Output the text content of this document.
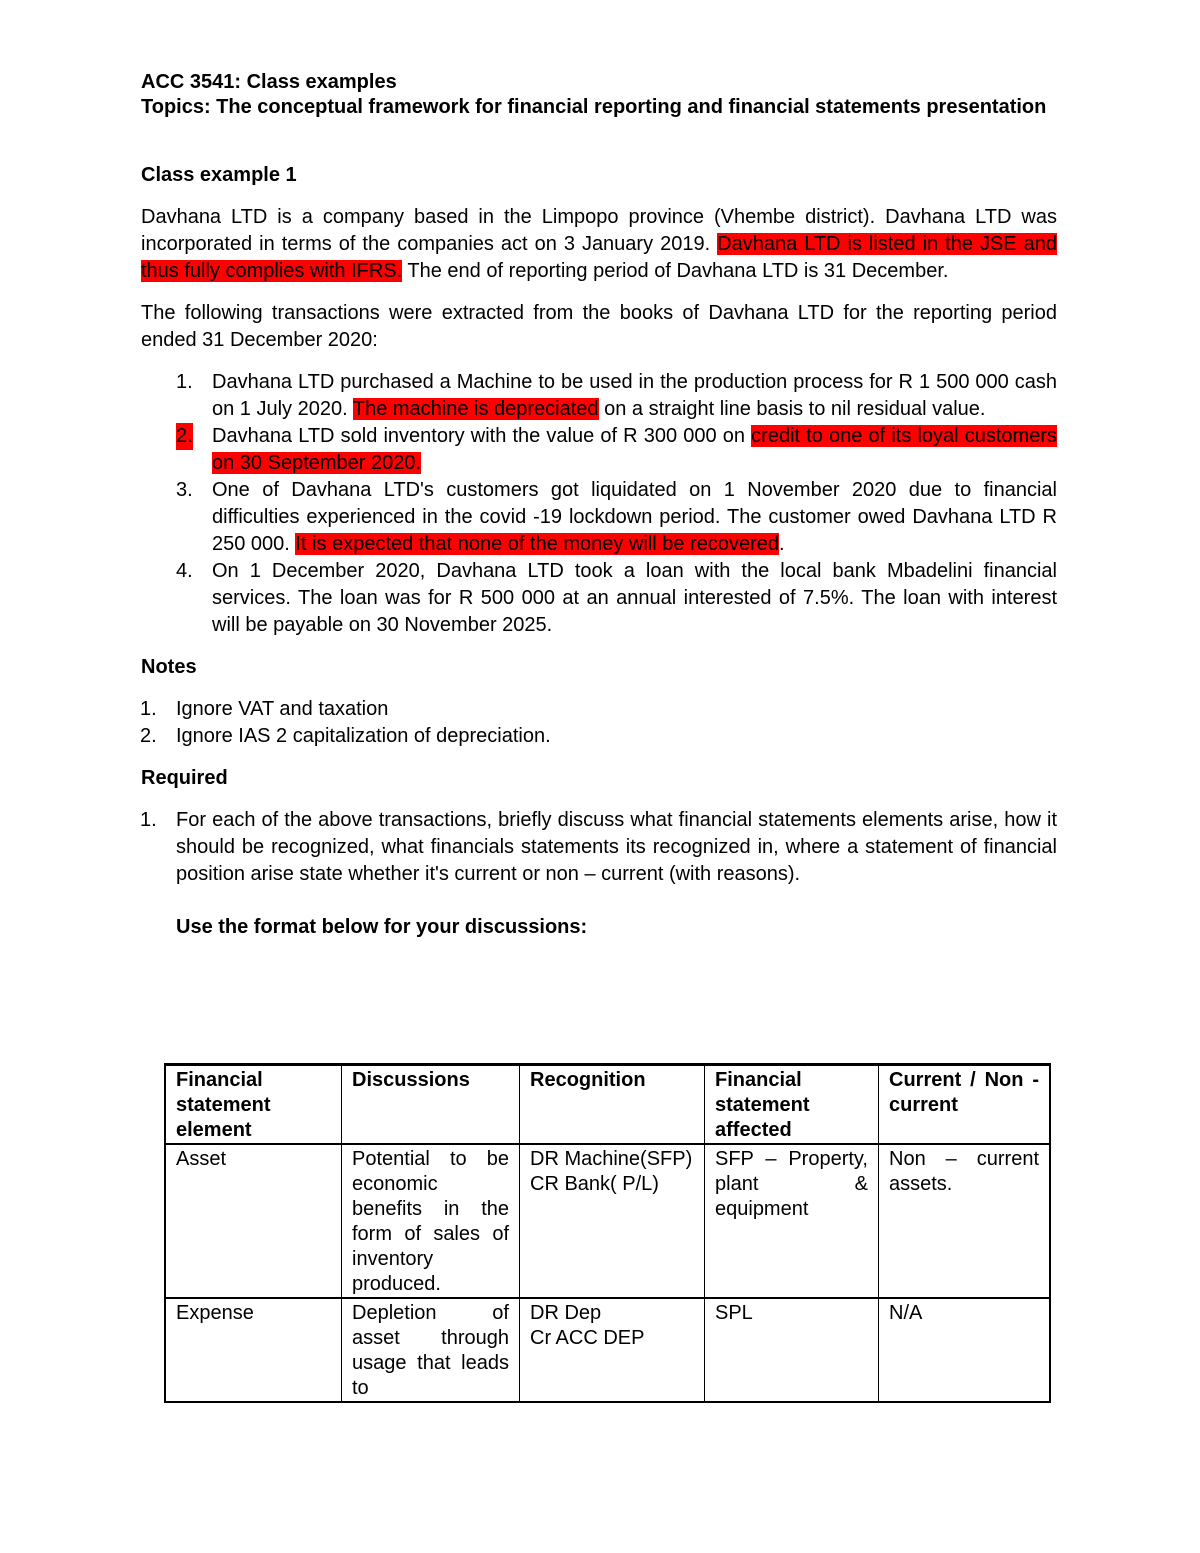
ACC 3541: Class examples

Topics: The conceptual framework for financial reporting and financial statements presentation

Class example 1

Davhana LTD is a company based in the Limpopo province (Vhembe district). Davhana LTD was incorporated in terms of the companies act on 3 January 2019. Davhana LTD is listed in the JSE and thus fully complies with IFRS. The end of reporting period of Davhana LTD is 31 December.

The following transactions were extracted from the books of Davhana LTD for the reporting period ended 31 December 2020:

1. Davhana LTD purchased a Machine to be used in the production process for R 1 500 000 cash on 1 July 2020. The machine is depreciated on a straight line basis to nil residual value.
2. Davhana LTD sold inventory with the value of R 300 000 on credit to one of its loyal customers on 30 September 2020.
3. One of Davhana LTD's customers got liquidated on 1 November 2020 due to financial difficulties experienced in the covid -19 lockdown period. The customer owed Davhana LTD R 250 000. It is expected that none of the money will be recovered.
4. On 1 December 2020, Davhana LTD took a loan with the local bank Mbadelini financial services. The loan was for R 500 000 at an annual interested of 7.5%. The loan with interest will be payable on 30 November 2025.

Notes

1. Ignore VAT and taxation
2. Ignore IAS 2 capitalization of depreciation.

Required

1. For each of the above transactions, briefly discuss what financial statements elements arise, how it should be recognized, what financials statements its recognized in, where a statement of financial position arise state whether it's current or non – current (with reasons).

Use the format below for your discussions:

Financial statement element	Discussions	Recognition	Financial statement affected	Current / Non - current
Asset	Potential to be economic benefits in the form of sales of inventory produced.	DR Machine(SFP)
CR Bank( P/L)	SFP – Property, plant & equipment	Non – current assets.
Expense	Depletion of asset through usage that leads to	DR Dep
Cr ACC DEP	SPL	N/A
